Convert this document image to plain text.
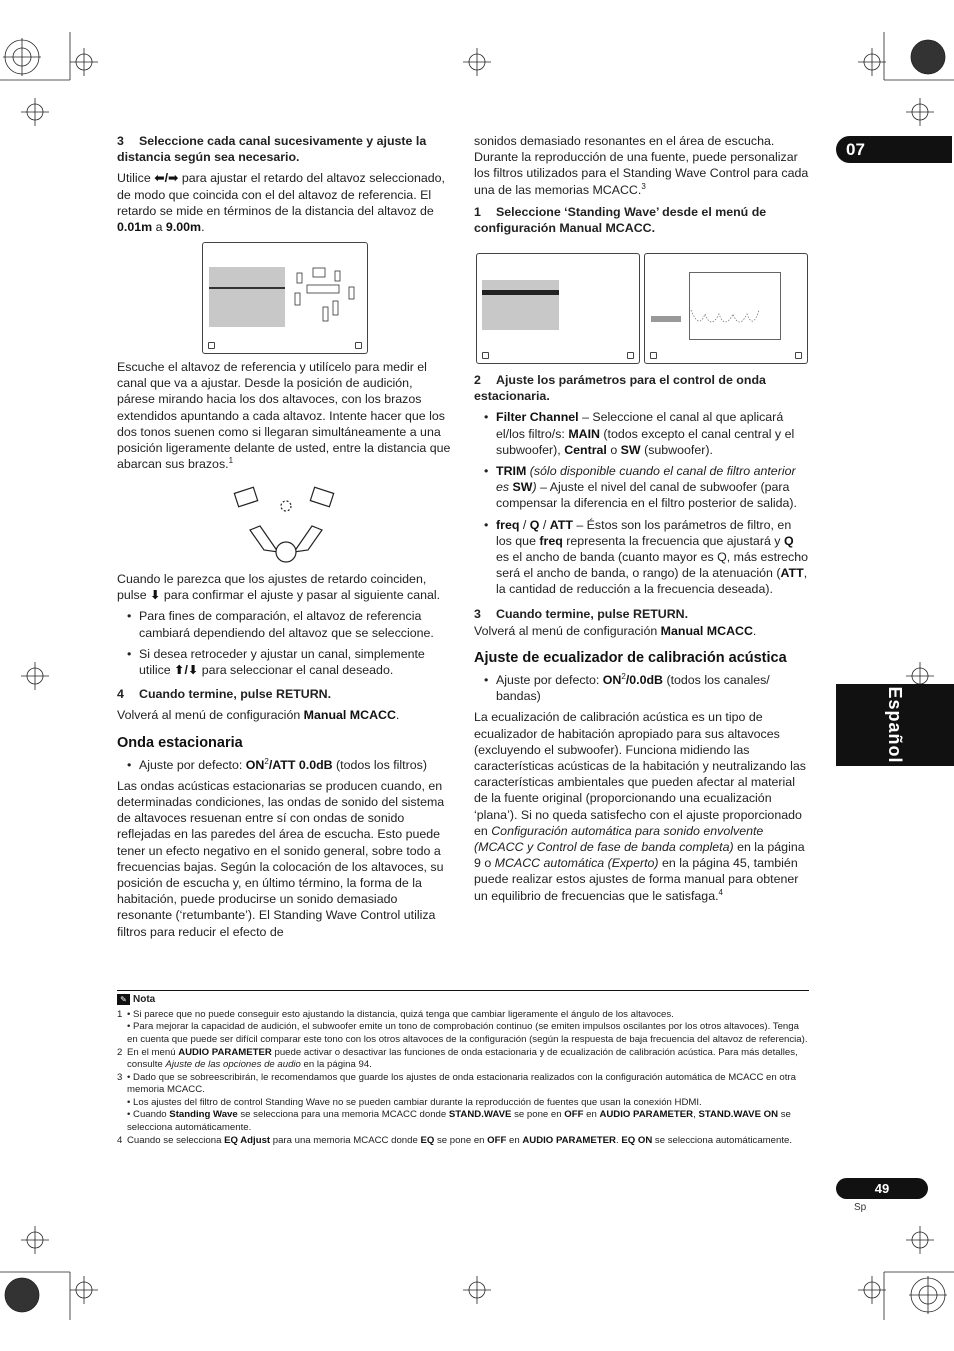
07
Español

3 Seleccione cada canal sucesivamente y ajuste la distancia según sea necesario.

Utilice ⬅/➡ para ajustar el retardo del altavoz seleccionado, de modo que coincida con el del altavoz de referencia. El retardo se mide en términos de la distancia del altavoz de 0.01m a 9.00m.

Escuche el altavoz de referencia y utilícelo para medir el canal que va a ajustar. Desde la posición de audición, párese mirando hacia los dos altavoces, con los brazos extendidos apuntando a cada altavoz. Intente hacer que los dos tonos suenen como si llegaran simultáneamente a una posición ligeramente delante de usted, entre la distancia que abarcan sus brazos.$^1$

Cuando le parezca que los ajustes de retardo coinciden, pulse ⬇ para confirmar el ajuste y pasar al siguiente canal.

• Para fines de comparación, el altavoz de referencia cambiará dependiendo del altavoz que se seleccione.
• Si desea retroceder y ajustar un canal, simplemente utilice ⬆/⬇ para seleccionar el canal deseado.

4 Cuando termine, pulse RETURN.

Volverá al menú de configuración Manual MCACC.

Onda estacionaria
• Ajuste por defecto: $ON^2$/ATT 0.0dB (todos los filtros)

Las ondas acústicas estacionarias se producen cuando, en determinadas condiciones, las ondas de sonido del sistema de altavoces resuenan entre sí con ondas de sonido reflejadas en las paredes del área de escucha. Esto puede tener un efecto negativo en el sonido general, sobre todo a frecuencias bajas. Según la colocación de los altavoces, su posición de escucha y, en último término, la forma de la habitación, puede producirse un sonido demasiado resonante (‘retumbante’). El Standing Wave Control utiliza filtros para reducir el efecto de

sonidos demasiado resonantes en el área de escucha. Durante la reproducción de una fuente, puede personalizar los filtros utilizados para el Standing Wave Control para cada una de las memorias MCACC.$^3$

1 Seleccione ‘Standing Wave’ desde el menú de configuración Manual MCACC.

2 Ajuste los parámetros para el control de onda estacionaria.

• Filter Channel – Seleccione el canal al que aplicará el/los filtro/s: MAIN (todos excepto el canal central y el subwoofer), Central o SW (subwoofer).
• TRIM (sólo disponible cuando el canal de filtro anterior es SW) – Ajuste el nivel del canal de subwoofer (para compensar la diferencia en el filtro posterior de salida).
• freq / Q / ATT – Éstos son los parámetros de filtro, en los que freq representa la frecuencia que ajustará y Q es el ancho de banda (cuanto mayor es Q, más estrecho será el ancho de banda, o rango) de la atenuación (ATT, la cantidad de reducción a la frecuencia deseada).

3 Cuando termine, pulse RETURN.

Volverá al menú de configuración Manual MCACC.

Ajuste de ecualizador de calibración acústica
• Ajuste por defecto: $ON^2/0.0dB$ (todos los canales/ bandas)

La ecualización de calibración acústica es un tipo de ecualizador de habitación apropiado para sus altavoces (excluyendo el subwoofer). Funciona midiendo las características acústicas de la habitación y neutralizando las características ambientales que pueden afectar al material de la fuente original (proporcionando una ecualización ‘plana’). Si no queda satisfecho con el ajuste proporcionado en Configuración automática para sonido envolvente (MCACC y Control de fase de banda completa) en la página 9 o MCACC automática (Experto) en la página 45, también puede realizar estos ajustes de forma manual para obtener un equilibrio de frecuencias que le satisfaga.$^4$

✎ Nota
1 • Si parece que no puede conseguir esto ajustando la distancia, quizá tenga que cambiar ligeramente el ángulo de los altavoces.
• Para mejorar la capacidad de audición, el subwoofer emite un tono de comprobación continuo (se emiten impulsos oscilantes por los otros altavoces). Tenga en cuenta que puede ser difícil comparar este tono con los otros altavoces de la configuración (según la respuesta de baja frecuencia del altavoz de referencia).
2 En el menú AUDIO PARAMETER puede activar o desactivar las funciones de onda estacionaria y de ecualización de calibración acústica. Para más detalles, consulte Ajuste de las opciones de audio en la página 94.
3 • Dado que se sobreescribirán, le recomendamos que guarde los ajustes de onda estacionaria realizados con la configuración automática de MCACC en otra memoria MCACC.
• Los ajustes del filtro de control Standing Wave no se pueden cambiar durante la reproducción de fuentes que usan la conexión HDMI.
• Cuando Standing Wave se selecciona para una memoria MCACC donde STAND.WAVE se pone en OFF en AUDIO PARAMETER, STAND.WAVE ON se selecciona automáticamente.
4 Cuando se selecciona EQ Adjust para una memoria MCACC donde EQ se pone en OFF en AUDIO PARAMETER. EQ ON se selecciona automáticamente.
49
Sp
